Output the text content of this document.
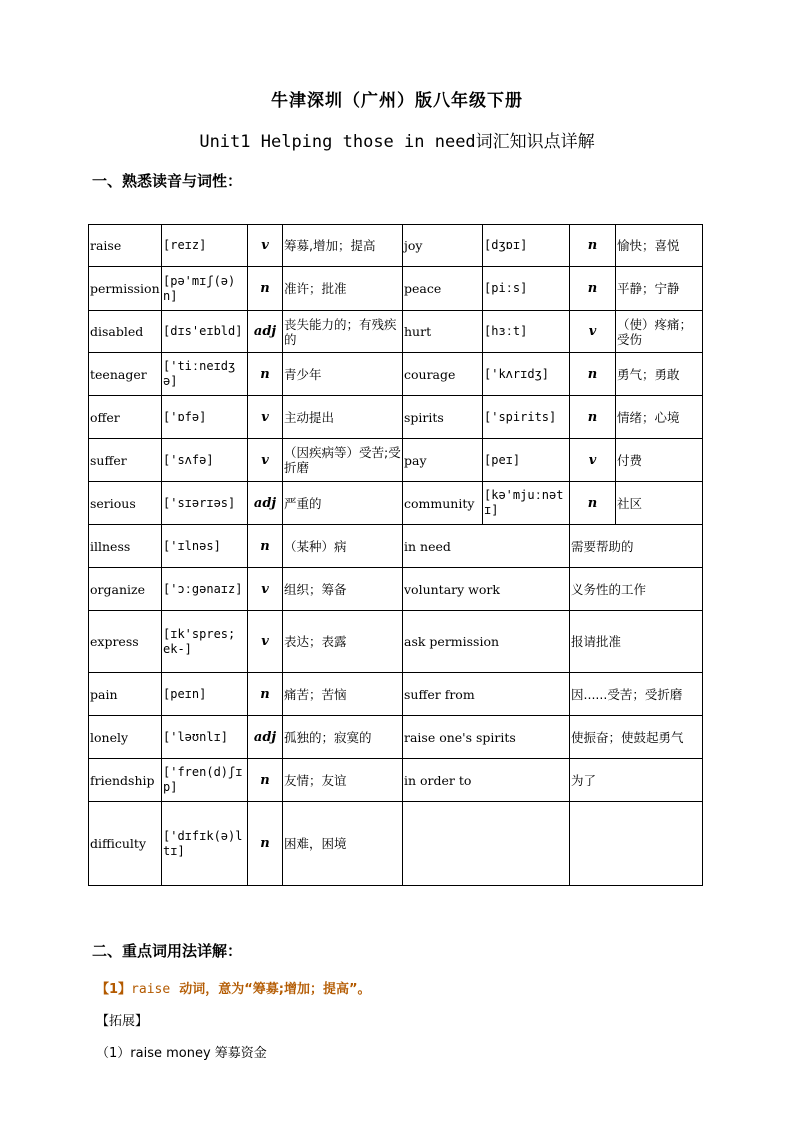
牛津深圳（广州）版八年级下册
Unit1 Helping those in need词汇知识点详解
一、熟悉读音与词性：
raise	[reɪz]	v	筹募,增加；提高	joy	[dʒɒɪ]	n	愉快；喜悦
permission	[pə'mɪʃ(ə)n]	n	准许；批准	peace	[piːs]	n	平静；宁静
disabled	[dɪs'eɪbld]	adj	丧失能力的；有残疾的	hurt	[hɜːt]	v	（使）疼痛；受伤
teenager	['tiːneɪdʒə]	n	青少年	courage	['kʌrɪdʒ]	n	勇气；勇敢
offer	['ɒfə]	v	主动提出	spirits	['spirits]	n	情绪；心境
suffer	['sʌfə]	v	（因疾病等）受苦;受折磨	pay	[peɪ]	v	付费
serious	['sɪərɪəs]	adj	严重的	community	[kə'mjuːnətɪ]	n	社区
illness	['ɪlnəs]	n	（某种）病	in need		需要帮助的	
organize	['ɔːgənaɪz]	v	组织；筹备	voluntary work		义务性的工作	
express	[ɪk'spres; ek-]	v	表达；表露	ask permission		报请批准	
pain	[peɪn]	n	痛苦；苦恼	suffer from		因......受苦；受折磨	
lonely	['ləʊnlɪ]	adj	孤独的；寂寞的	raise one's spirits		使振奋；使鼓起勇气	
friendship	['fren(d)ʃɪp]	n	友情；友谊	in order to		为了	
difficulty	['dɪfɪk(ə)ltɪ]	n	困难，困境				
二、重点词用法详解：
【1】raise 动词，意为“筹募;增加；提高”。
【拓展】
（1）raise money 筹募资金
